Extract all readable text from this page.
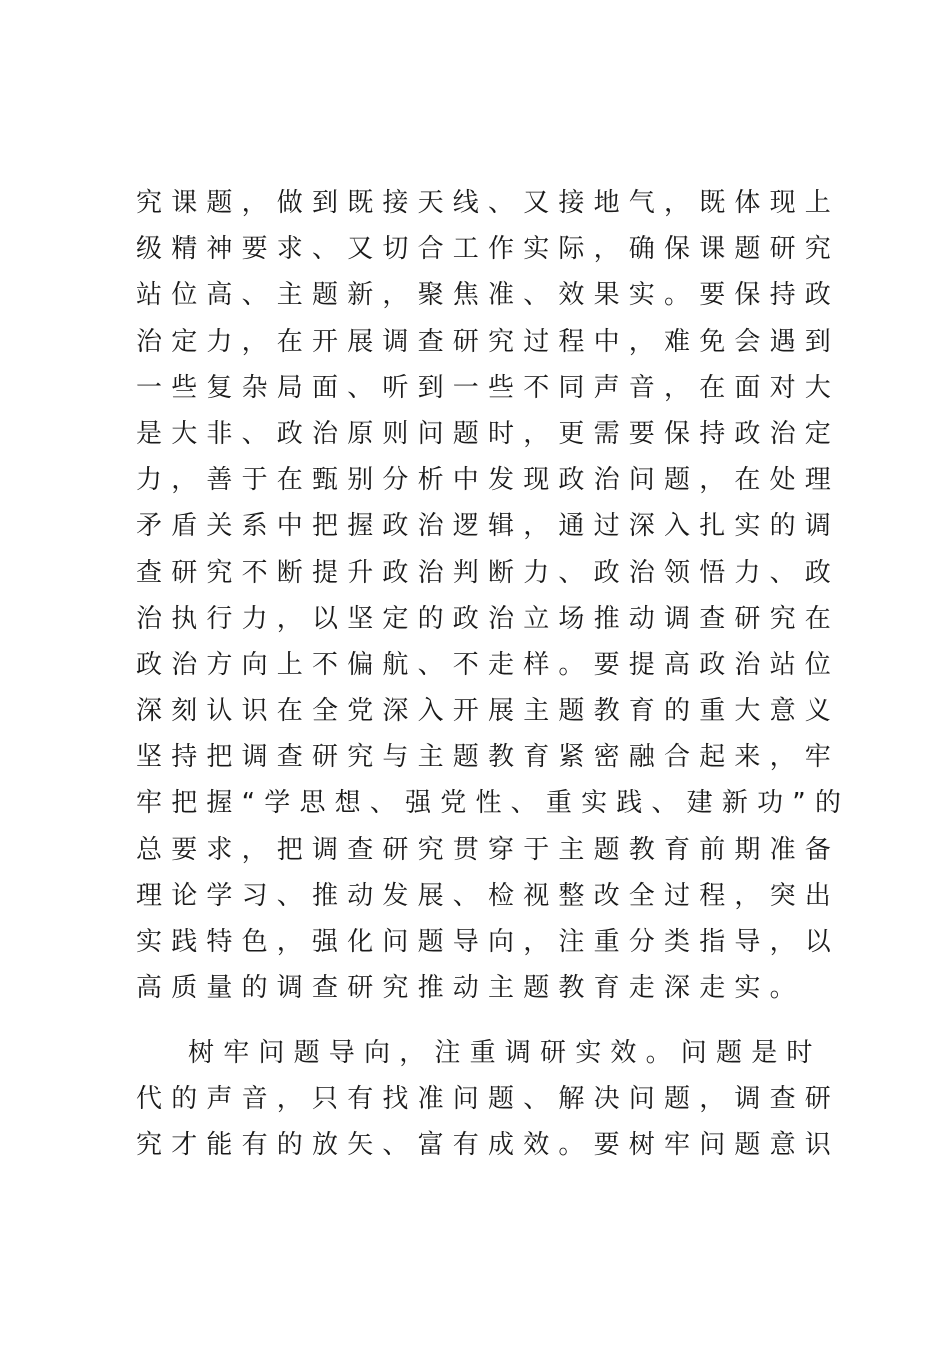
究课题，做到既接天线、又接地气，既体现上
级精神要求、又切合工作实际，确保课题研究
站位高、主题新，聚焦准、效果实。要保持政
治定力，在开展调查研究过程中，难免会遇到
一些复杂局面、听到一些不同声音，在面对大
是大非、政治原则问题时，更需要保持政治定
力，善于在甄别分析中发现政治问题，在处理
矛盾关系中把握政治逻辑，通过深入扎实的调
查研究不断提升政治判断力、政治领悟力、政
治执行力，以坚定的政治立场推动调查研究在
政治方向上不偏航、不走样。要提高政治站位
深刻认识在全党深入开展主题教育的重大意义
坚持把调查研究与主题教育紧密融合起来，牢
牢把握“学思想、强党性、重实践、建新功”的
总要求，把调查研究贯穿于主题教育前期准备
理论学习、推动发展、检视整改全过程，突出
实践特色，强化问题导向，注重分类指导，以
高质量的调查研究推动主题教育走深走实。
树牢问题导向，注重调研实效。问题是时
代的声音，只有找准问题、解决问题，调查研
究才能有的放矢、富有成效。要树牢问题意识
